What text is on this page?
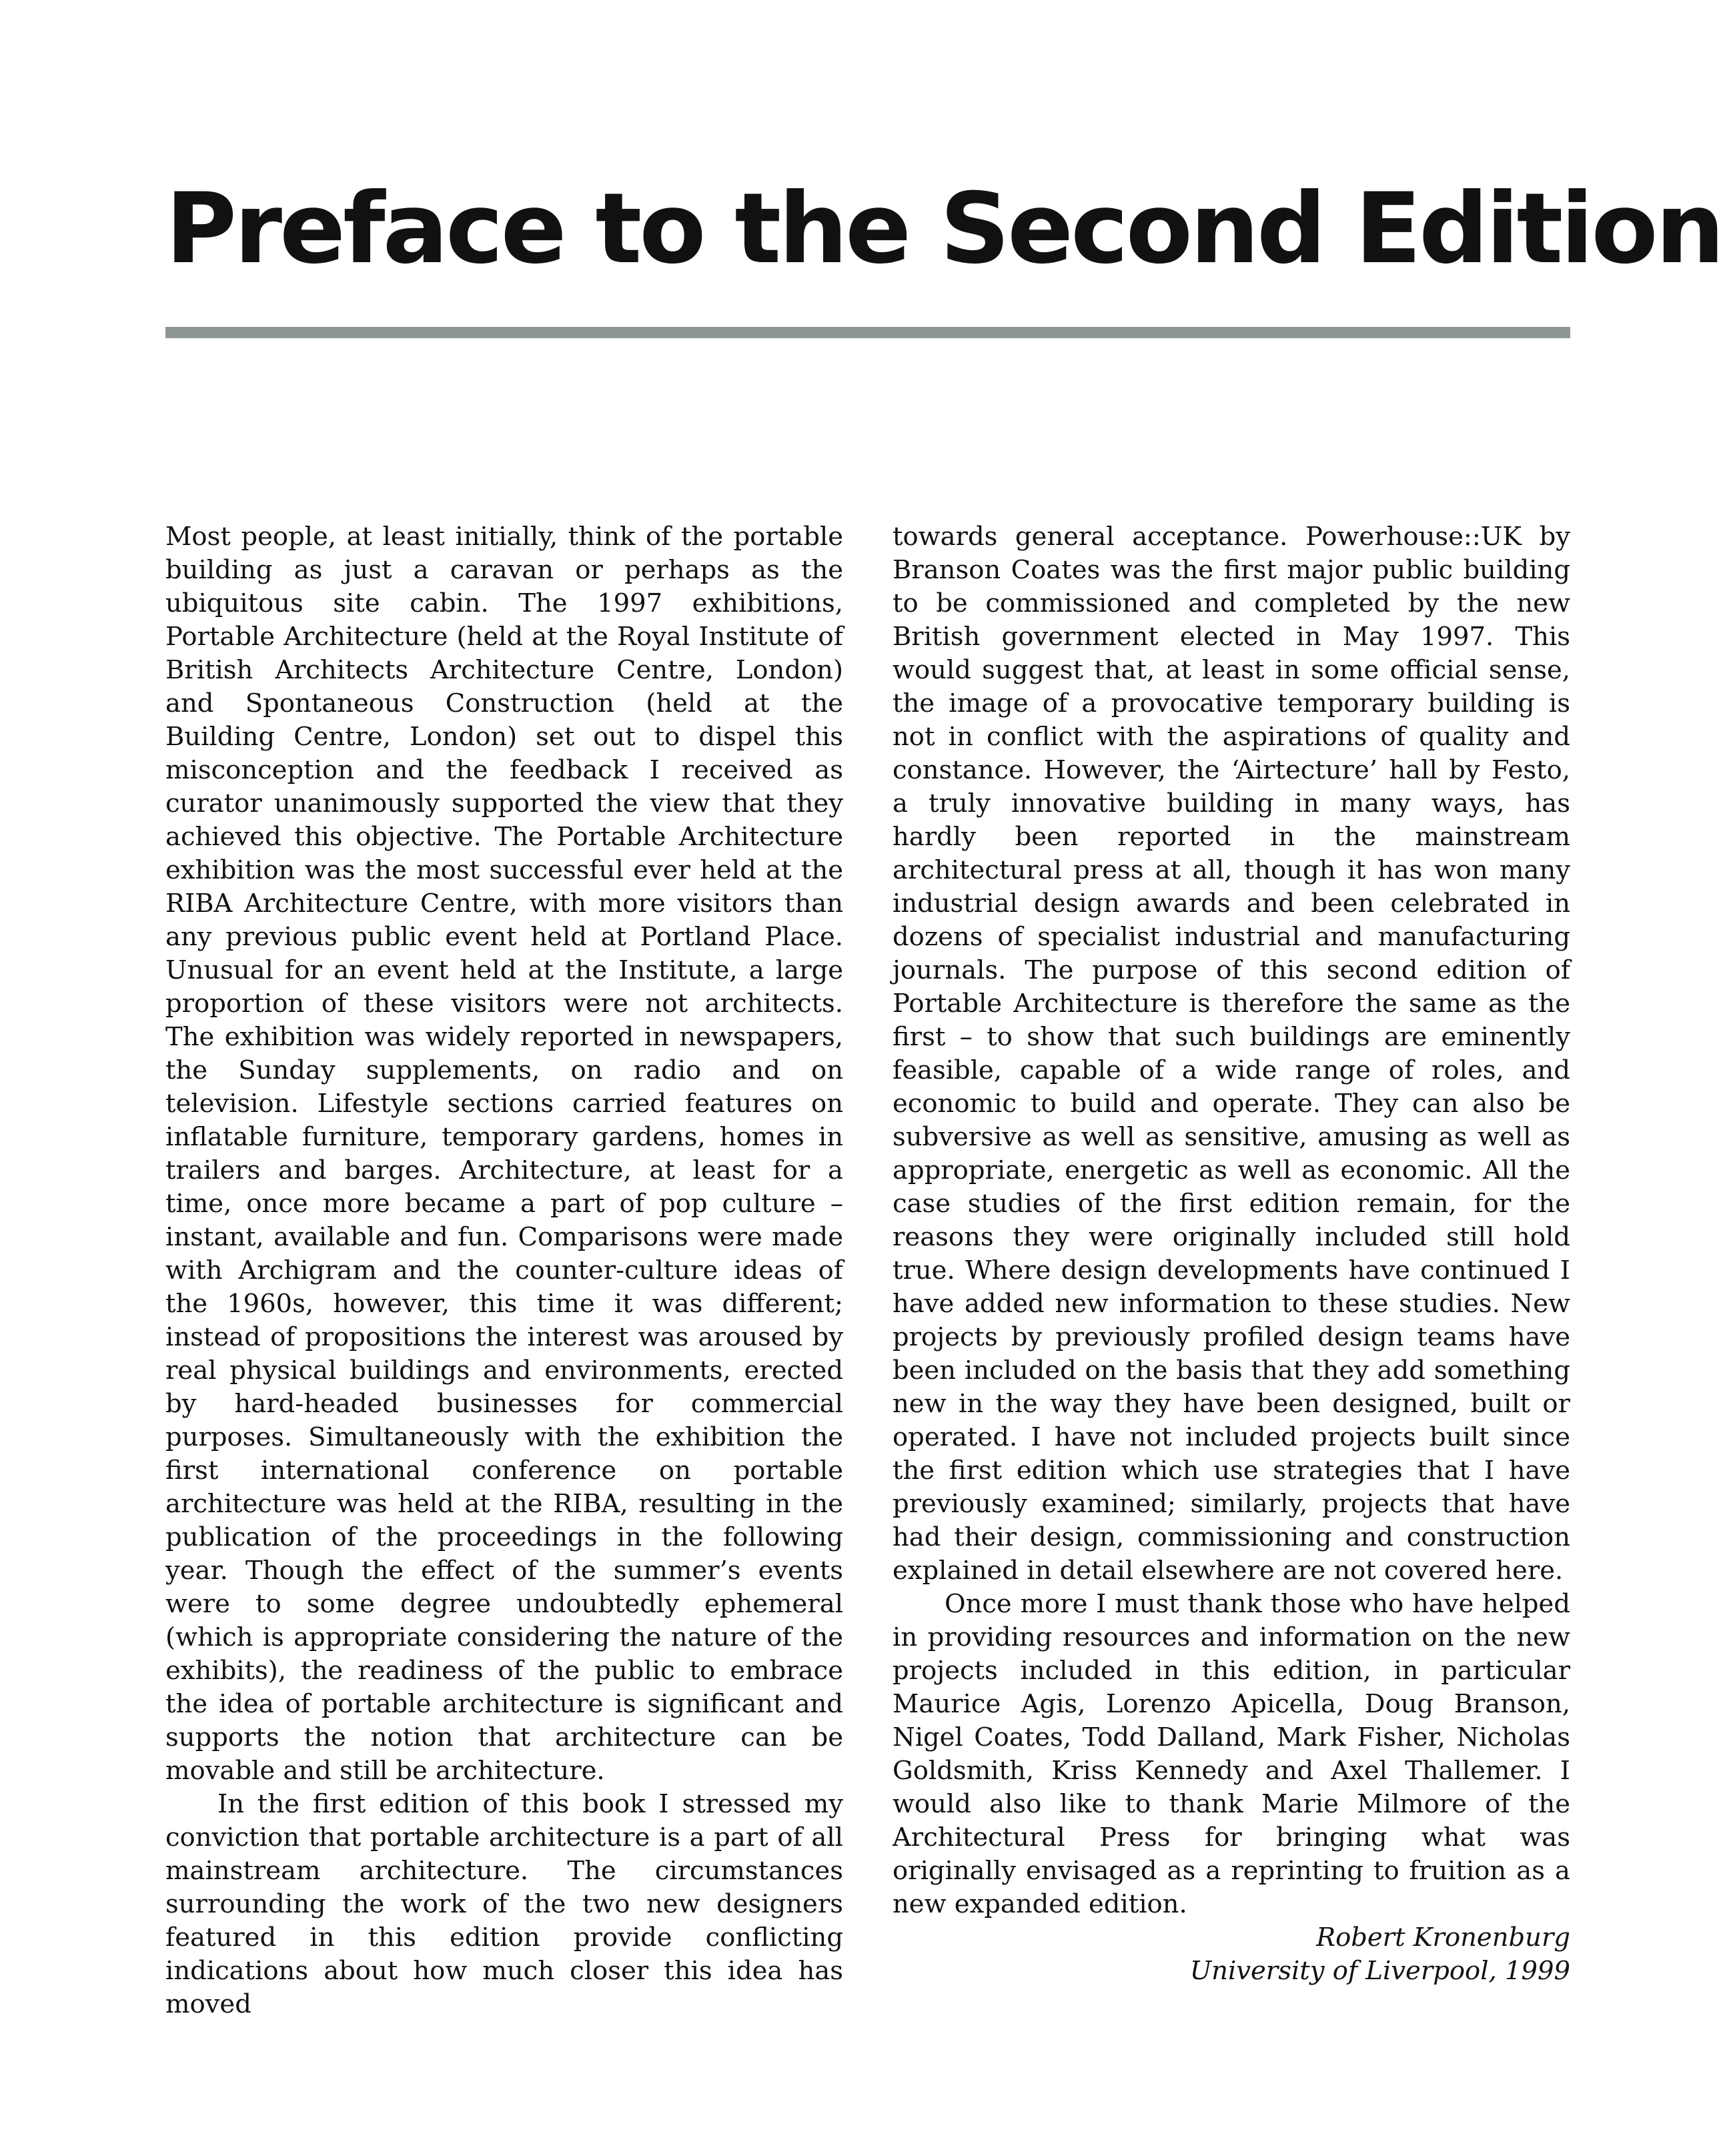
Preface to the Second Edition

Most people, at least initially, think of the portable building as just a caravan or perhaps as the ubiquitous site cabin. The 1997 exhibitions, Portable Architecture (held at the Royal Institute of British Architects Architecture Centre, London) and Spontaneous Construction (held at the Building Centre, London) set out to dispel this misconception and the feedback I received as curator unanimously supported the view that they achieved this objective. The Portable Architecture exhibition was the most successful ever held at the RIBA Architecture Centre, with more visitors than any previous public event held at Portland Place. Unusual for an event held at the Institute, a large proportion of these visitors were not architects. The exhibition was widely reported in newspapers, the Sunday supplements, on radio and on television. Lifestyle sections carried features on inflatable furniture, temporary gardens, homes in trailers and barges. Architecture, at least for a time, once more became a part of pop culture – instant, available and fun. Comparisons were made with Archigram and the counter-culture ideas of the 1960s, however, this time it was different; instead of propositions the interest was aroused by real physical buildings and environments, erected by hard-headed businesses for commercial purposes. Simultaneously with the exhibition the first international conference on portable architecture was held at the RIBA, resulting in the publication of the proceedings in the following year. Though the effect of the summer’s events were to some degree undoubtedly ephemeral (which is appropriate considering the nature of the exhibits), the readiness of the public to embrace the idea of portable architecture is significant and supports the notion that architecture can be movable and still be architecture.

In the first edition of this book I stressed my conviction that portable architecture is a part of all mainstream architecture. The circumstances surrounding the work of the two new designers featured in this edition provide conflicting indications about how much closer this idea has moved

towards general acceptance. Powerhouse::UK by Branson Coates was the first major public building to be commissioned and completed by the new British government elected in May 1997. This would suggest that, at least in some official sense, the image of a provocative temporary building is not in conflict with the aspirations of quality and constance. However, the ‘Airtecture’ hall by Festo, a truly innovative building in many ways, has hardly been reported in the mainstream architectural press at all, though it has won many industrial design awards and been celebrated in dozens of specialist industrial and manufacturing journals. The purpose of this second edition of Portable Architecture is therefore the same as the first – to show that such buildings are eminently feasible, capable of a wide range of roles, and economic to build and operate. They can also be subversive as well as sensitive, amusing as well as appropriate, energetic as well as economic. All the case studies of the first edition remain, for the reasons they were originally included still hold true. Where design developments have continued I have added new information to these studies. New projects by previously profiled design teams have been included on the basis that they add something new in the way they have been designed, built or operated. I have not included projects built since the first edition which use strategies that I have previously examined; similarly, projects that have had their design, commissioning and construction explained in detail elsewhere are not covered here.

Once more I must thank those who have helped in providing resources and information on the new projects included in this edition, in particular Maurice Agis, Lorenzo Apicella, Doug Branson, Nigel Coates, Todd Dalland, Mark Fisher, Nicholas Goldsmith, Kriss Kennedy and Axel Thallemer. I would also like to thank Marie Milmore of the Architectural Press for bringing what was originally envisaged as a reprinting to fruition as a new expanded edition.

Robert Kronenburg
University of Liverpool, 1999
